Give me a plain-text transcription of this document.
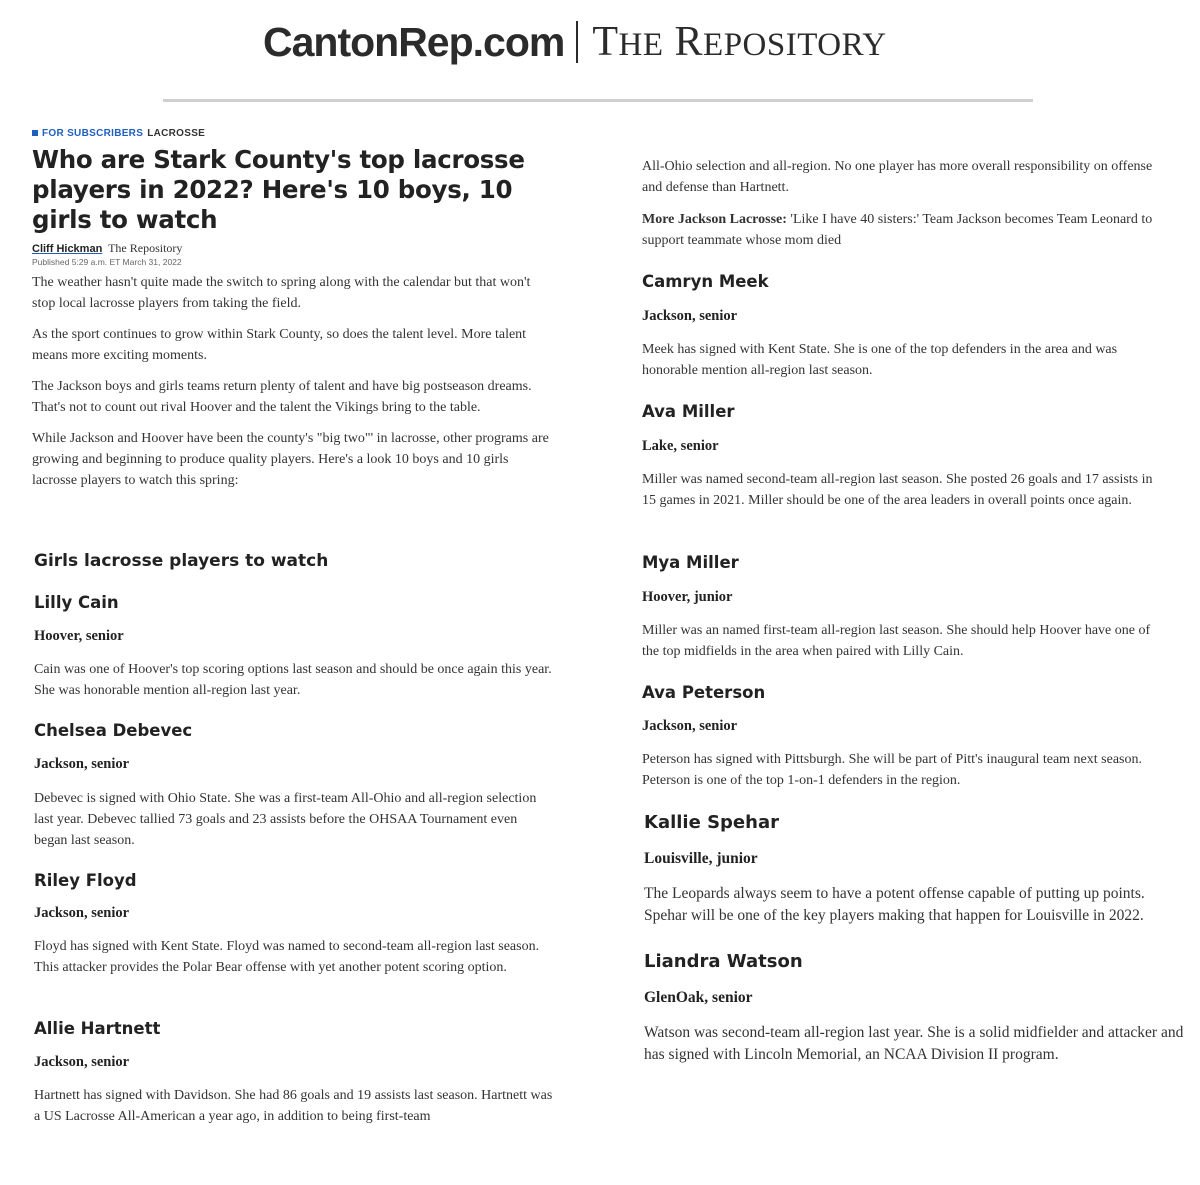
CantonRep.com THE REPOSITORY
FOR SUBSCRIBERS LACROSSE
Who are Stark County's top lacrosse players in 2022? Here's 10 boys, 10 girls to watch
Cliff Hickman The Repository
Published 5:29 a.m. ET March 31, 2022

The weather hasn't quite made the switch to spring along with the calendar but that won't stop local lacrosse players from taking the field.

As the sport continues to grow within Stark County, so does the talent level. More talent means more exciting moments.

The Jackson boys and girls teams return plenty of talent and have big postseason dreams. That's not to count out rival Hoover and the talent the Vikings bring to the table.

While Jackson and Hoover have been the county's "big two"' in lacrosse, other programs are growing and beginning to produce quality players. Here's a look 10 boys and 10 girls lacrosse players to watch this spring:

Girls lacrosse players to watch
Lilly Cain
Hoover, senior

Cain was one of Hoover's top scoring options last season and should be once again this year. She was honorable mention all-region last year.

Chelsea Debevec
Jackson, senior

Debevec is signed with Ohio State. She was a first-team All-Ohio and all-region selection last year. Debevec tallied 73 goals and 23 assists before the OHSAA Tournament even began last season.

Riley Floyd
Jackson, senior

Floyd has signed with Kent State. Floyd was named to second-team all-region last season. This attacker provides the Polar Bear offense with yet another potent scoring option.

Allie Hartnett
Jackson, senior

Hartnett has signed with Davidson. She had 86 goals and 19 assists last season. Hartnett was a US Lacrosse All-American a year ago, in addition to being first-team

All-Ohio selection and all-region. No one player has more overall responsibility on offense and defense than Hartnett.

More Jackson Lacrosse: 'Like I have 40 sisters:' Team Jackson becomes Team Leonard to support teammate whose mom died

Camryn Meek
Jackson, senior

Meek has signed with Kent State. She is one of the top defenders in the area and was honorable mention all-region last season.

Ava Miller
Lake, senior

Miller was named second-team all-region last season. She posted 26 goals and 17 assists in 15 games in 2021. Miller should be one of the area leaders in overall points once again.

Mya Miller
Hoover, junior

Miller was an named first-team all-region last season. She should help Hoover have one of the top midfields in the area when paired with Lilly Cain.

Ava Peterson
Jackson, senior

Peterson has signed with Pittsburgh. She will be part of Pitt's inaugural team next season. Peterson is one of the top 1-on-1 defenders in the region.

Kallie Spehar
Louisville, junior

The Leopards always seem to have a potent offense capable of putting up points. Spehar will be one of the key players making that happen for Louisville in 2022.

Liandra Watson
GlenOak, senior

Watson was second-team all-region last year. She is a solid midfielder and attacker and has signed with Lincoln Memorial, an NCAA Division II program.
